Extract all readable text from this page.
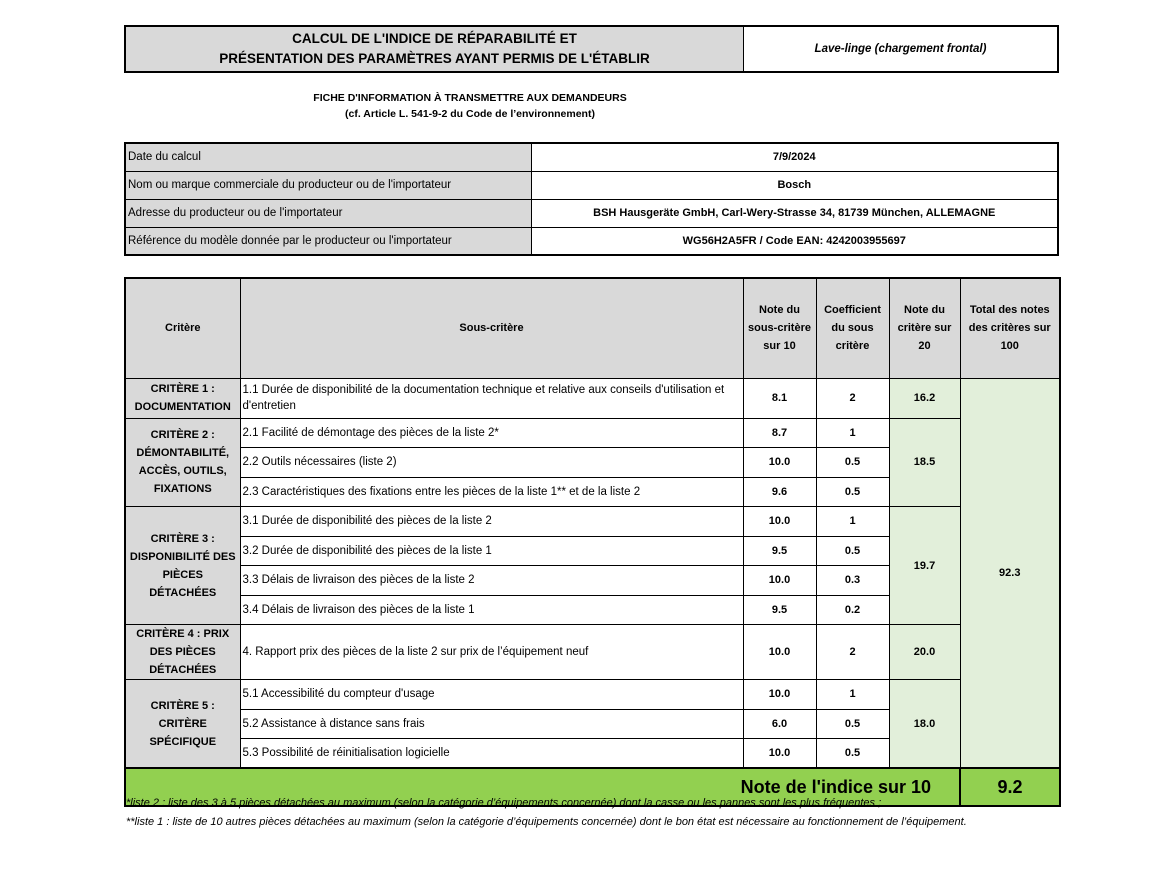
CALCUL DE L'INDICE DE RÉPARABILITÉ ET
PRÉSENTATION DES PARAMÈTRES AYANT PERMIS DE L'ÉTABLIR
Lave-linge (chargement frontal)
FICHE D'INFORMATION À TRANSMETTRE AUX DEMANDEURS
(cf. Article L. 541-9-2 du Code de l’environnement)
Date du calcul	7/9/2024
Nom ou marque commerciale du producteur ou de l'importateur	Bosch
Adresse du producteur ou de l'importateur	BSH Hausgeräte GmbH, Carl-Wery-Strasse 34, 81739 München, ALLEMAGNE
Référence du modèle donnée par le producteur ou l'importateur	WG56H2A5FR / Code EAN: 4242003955697
Critère	Sous-critère	Note du sous-critère sur 10	Coefficient du sous critère	Note du critère sur 20	Total des notes des critères sur 100
CRITÈRE 1 : DOCUMENTATION	1.1 Durée de disponibilité de la documentation technique et relative aux conseils d'utilisation et d'entretien	8.1	2	16.2	92.3
CRITÈRE 2 : DÉMONTABILITÉ, ACCÈS, OUTILS, FIXATIONS	2.1 Facilité de démontage des pièces de la liste 2*	8.7	1	18.5	
	2.2 Outils nécessaires (liste 2)	10.0	0.5		
	2.3 Caractéristiques des fixations entre les pièces de la liste 1** et de la liste 2	9.6	0.5		
CRITÈRE 3 : DISPONIBILITÉ DES PIÈCES DÉTACHÉES	3.1 Durée de disponibilité des pièces de la liste 2	10.0	1	19.7	
	3.2 Durée de disponibilité des pièces de la liste 1	9.5	0.5		
	3.3 Délais de livraison des pièces de la liste 2	10.0	0.3		
	3.4 Délais de livraison des pièces de la liste 1	9.5	0.2		
CRITÈRE 4 : PRIX DES PIÈCES DÉTACHÉES	4. Rapport prix des pièces de la liste 2 sur prix de l’équipement neuf	10.0	2	20.0	
CRITÈRE 5 : CRITÈRE SPÉCIFIQUE	5.1 Accessibilité du compteur d'usage	10.0	1	18.0	
	5.2 Assistance à distance sans frais	6.0	0.5		
	5.3 Possibilité de réinitialisation logicielle	10.0	0.5		
Note de l'indice sur 10					9.2
*liste 2 : liste des 3 à 5 pièces détachées au maximum (selon la catégorie d’équipements concernée) dont la casse ou les pannes sont les plus fréquentes ;
**liste 1 : liste de 10 autres pièces détachées au maximum (selon la catégorie d’équipements concernée) dont le bon état est nécessaire au fonctionnement de l’équipement.
